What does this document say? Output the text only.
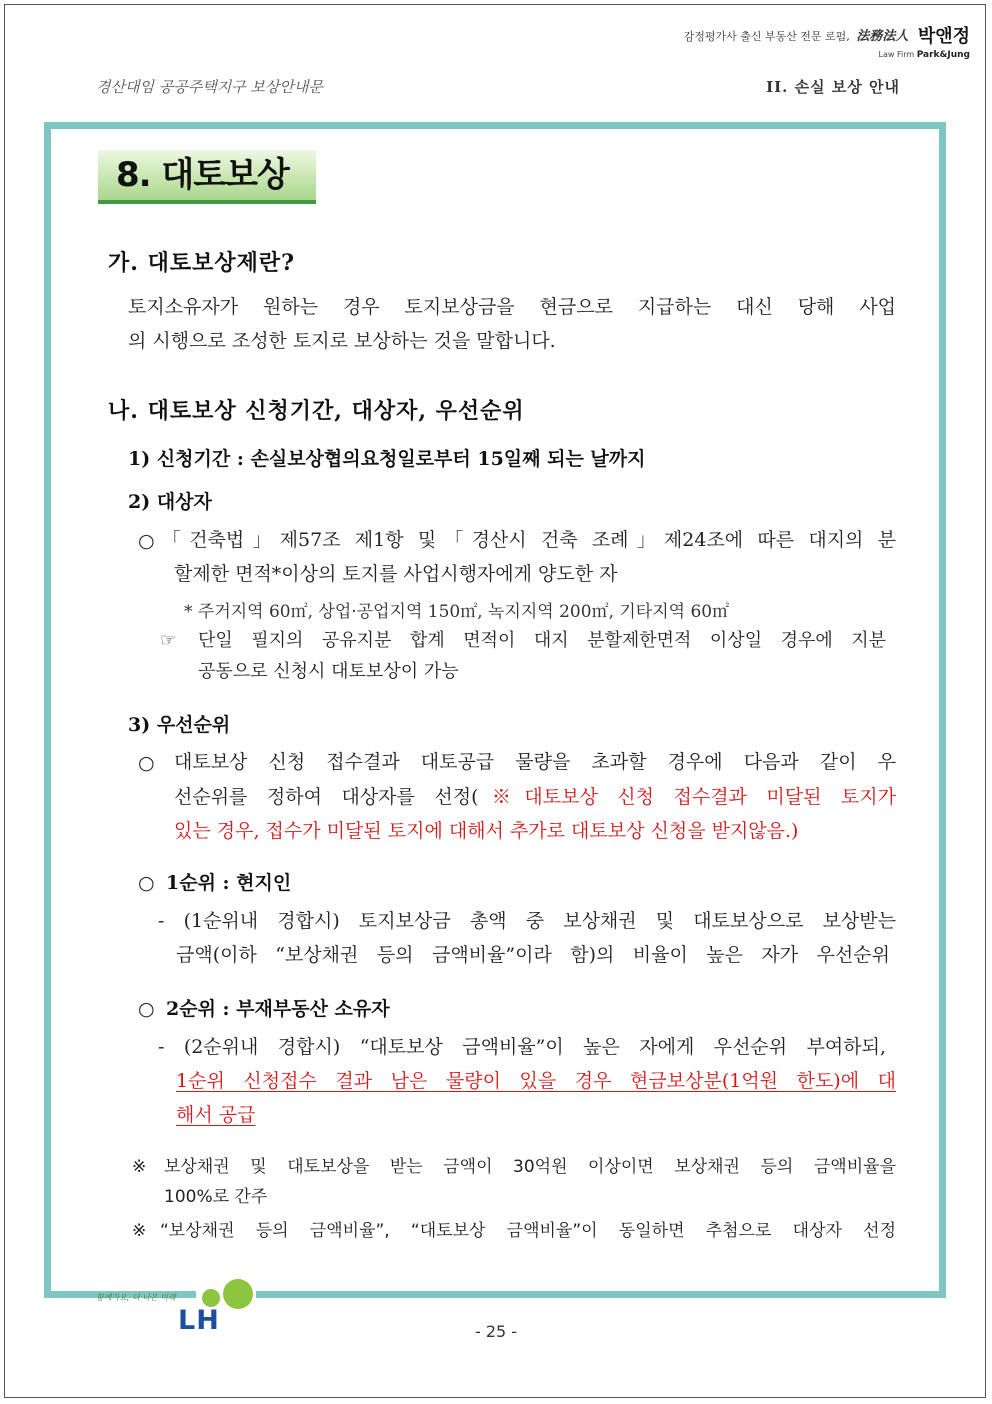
감정평가사 출신 부동산 전문 로펌, 法務法人 박앤정
Law Firm Park&Jung
경산대임 공공주택지구 보상안내문	II. 손실 보상 안내
8. 대토보상
가. 대토보상제란?
토지소유자가 원하는 경우 토지보상금을 현금으로 지급하는 대신 당해 사업
의 시행으로 조성한 토지로 보상하는 것을 말합니다.
나. 대토보상 신청기간, 대상자, 우선순위
1) 신청기간 : 손실보상협의요청일로부터 15일째 되는 날까지
2) 대상자
○ 「건축법」제57조 제1항 및「경산시 건축 조례」제24조에 따른 대지의 분
할제한 면적*이상의 토지를 사업시행자에게 양도한 자
* 주거지역 60㎡, 상업·공업지역 150㎡, 녹지지역 200㎡, 기타지역 60㎡
☞ 단일 필지의 공유지분 합계 면적이 대지 분할제한면적 이상일 경우에 지분
공동으로 신청시 대토보상이 가능
3) 우선순위
○ 대토보상 신청 접수결과 대토공급 물량을 초과할 경우에 다음과 같이 우
선순위를 정하여 대상자를 선정(※대토보상 신청 접수결과 미달된 토지가
있는 경우, 접수가 미달된 토지에 대해서 추가로 대토보상 신청을 받지않음.)
○ 1순위 : 현지인
- (1순위내 경합시) 토지보상금 총액 중 보상채권 및 대토보상으로 보상받는
금액(이하 “보상채권 등의 금액비율”이라 함)의 비율이 높은 자가 우선순위
○ 2순위 : 부재부동산 소유자
- (2순위내 경합시) “대토보상 금액비율”이 높은 자에게 우선순위 부여하되,
1순위 신청접수 결과 남은 물량이 있을 경우 현금보상분(1억원 한도)에 대
해서 공급
※ 보상채권 및 대토보상을 받는 금액이 30억원 이상이면 보상채권 등의 금액비율을
100%로 간주
※ “보상채권 등의 금액비율”, “대토보상 금액비율”이 동일하면 추첨으로 대상자 선정
함께가요, 더 나은 미래
LH	- 25 -
